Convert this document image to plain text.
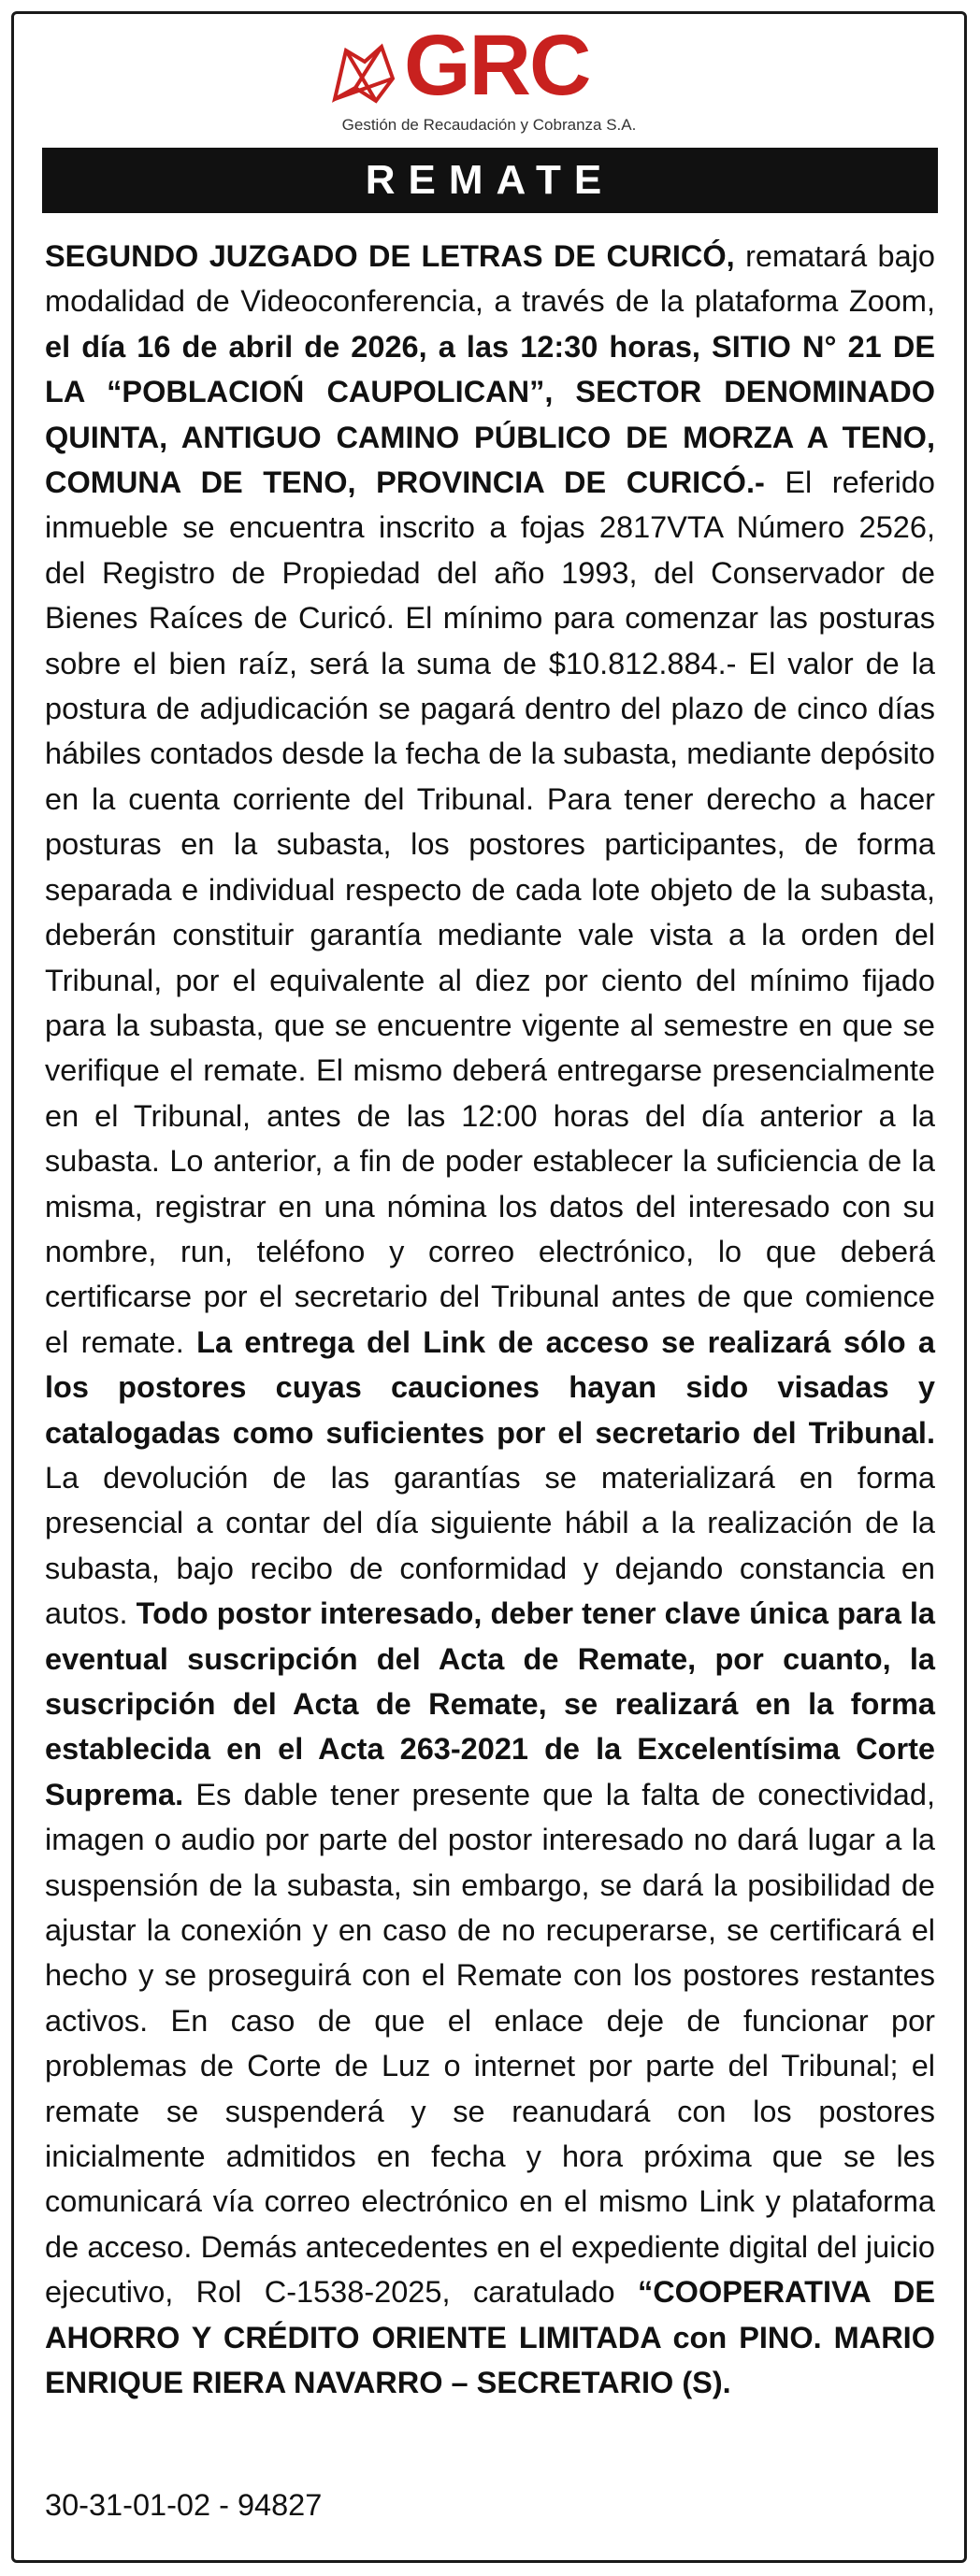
GRC
Gestión de Recaudación y Cobranza S.A.
REMATE

SEGUNDO JUZGADO DE LETRAS DE CURICÓ, rematará bajo modalidad de Videoconferencia, a través de la plataforma Zoom, el día 16 de abril de 2026, a las 12:30 horas, SITIO N° 21 DE LA “POBLACIOŃ CAUPOLICAN”, SECTOR DENOMINADO QUINTA, ANTIGUO CAMINO PÚBLICO DE MORZA A TENO, COMUNA DE TENO, PROVINCIA DE CURICÓ.- El referido inmueble se encuentra inscrito a fojas 2817VTA Número 2526, del Registro de Propiedad del año 1993, del Conservador de Bienes Raíces de Curicó. El mínimo para comenzar las posturas sobre el bien raíz, será la suma de $10.812.884.- El valor de la postura de adjudicación se pagará dentro del plazo de cinco días hábiles contados desde la fecha de la subasta, mediante depósito en la cuenta corriente del Tribunal. Para tener derecho a hacer posturas en la subasta, los postores participantes, de forma separada e individual respecto de cada lote objeto de la subasta, deberán constituir garantía mediante vale vista a la orden del Tribunal, por el equivalente al diez por ciento del mínimo fijado para la subasta, que se encuentre vigente al semestre en que se verifique el remate. El mismo deberá entregarse presencialmente en el Tribunal, antes de las 12:00 horas del día anterior a la subasta. Lo anterior, a fin de poder establecer la suficiencia de la misma, registrar en una nómina los datos del interesado con su nombre, run, teléfono y correo electrónico, lo que deberá certificarse por el secretario del Tribunal antes de que comience el remate. La entrega del Link de acceso se realizará sólo a los postores cuyas cauciones hayan sido visadas y catalogadas como suficientes por el secretario del Tribunal. La devolución de las garantías se materializará en forma presencial a contar del día siguiente hábil a la realización de la subasta, bajo recibo de conformidad y dejando constancia en autos. Todo postor interesado, deber tener clave única para la eventual suscripción del Acta de Remate, por cuanto, la suscripción del Acta de Remate, se realizará en la forma establecida en el Acta 263-2021 de la Excelentísima Corte Suprema. Es dable tener presente que la falta de conectividad, imagen o audio por parte del postor interesado no dará lugar a la suspensión de la subasta, sin embargo, se dará la posibilidad de ajustar la conexión y en caso de no recuperarse, se certificará el hecho y se proseguirá con el Remate con los postores restantes activos. En caso de que el enlace deje de funcionar por problemas de Corte de Luz o internet por parte del Tribunal; el remate se suspenderá y se reanudará con los postores inicialmente admitidos en fecha y hora próxima que se les comunicará vía correo electrónico en el mismo Link y plataforma de acceso. Demás antecedentes en el expediente digital del juicio ejecutivo, Rol C-1538-2025, caratulado “COOPERATIVA DE AHORRO Y CRÉDITO ORIENTE LIMITADA con PINO. MARIO ENRIQUE RIERA NAVARRO – SECRETARIO (S).

30-31-01-02 - 94827
